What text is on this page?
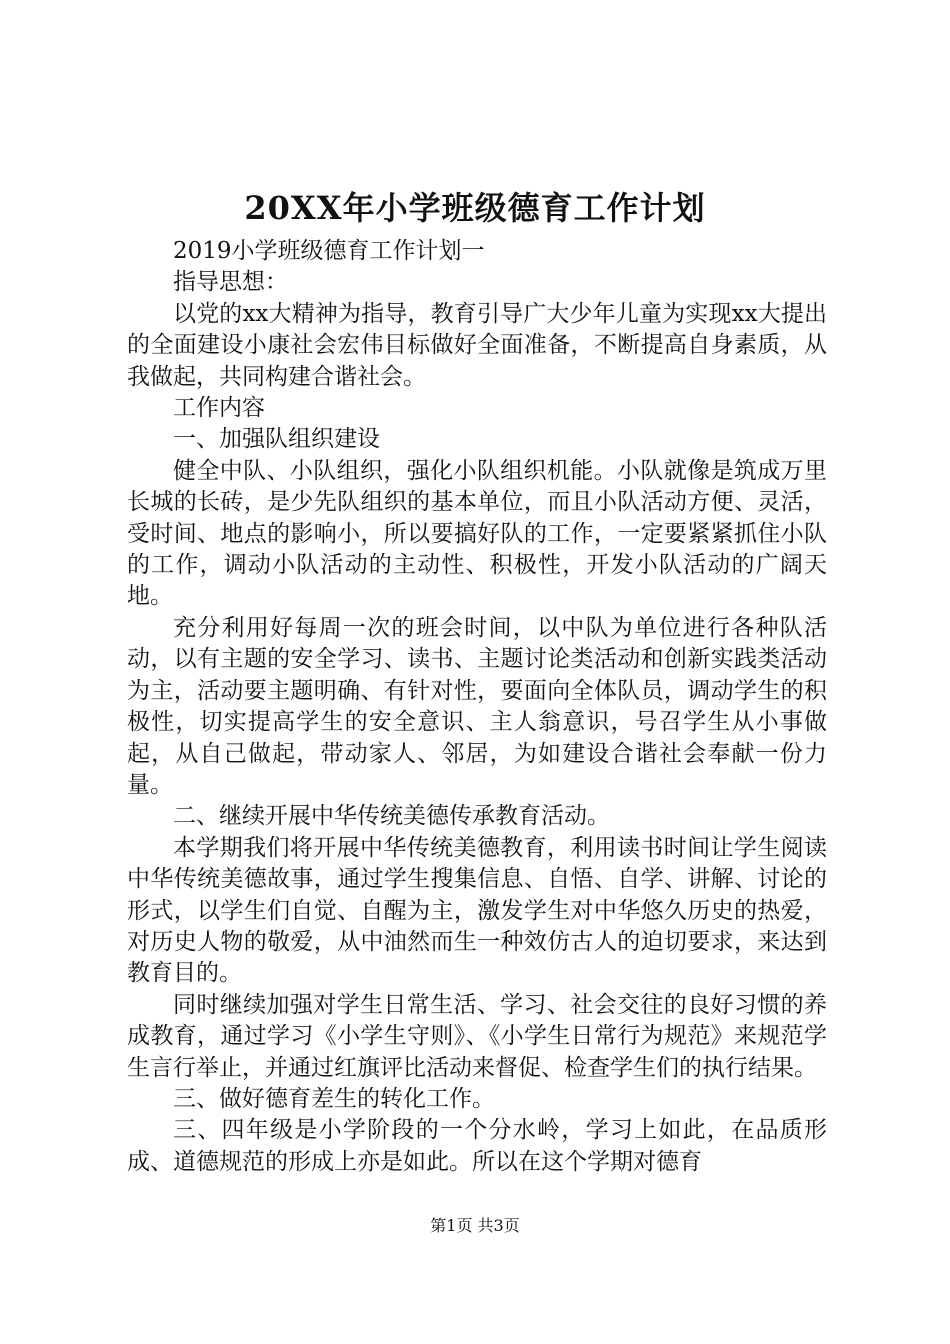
20XX年小学班级德育工作计划

2019小学班级德育工作计划一

指导思想：

以党的xx大精神为指导，教育引导广大少年儿童为实现xx大提出的全面建设小康社会宏伟目标做好全面准备，不断提高自身素质，从我做起，共同构建合谐社会。

工作内容

一、加强队组织建设

健全中队、小队组织，强化小队组织机能。小队就像是筑成万里长城的长砖，是少先队组织的基本单位，而且小队活动方便、灵活，受时间、地点的影响小，所以要搞好队的工作，一定要紧紧抓住小队的工作，调动小队活动的主动性、积极性，开发小队活动的广阔天地。

充分利用好每周一次的班会时间，以中队为单位进行各种队活动，以有主题的安全学习、读书、主题讨论类活动和创新实践类活动为主，活动要主题明确、有针对性，要面向全体队员，调动学生的积极性，切实提高学生的安全意识、主人翁意识，号召学生从小事做起，从自己做起，带动家人、邻居，为如建设合谐社会奉献一份力量。

二、继续开展中华传统美德传承教育活动。

本学期我们将开展中华传统美德教育，利用读书时间让学生阅读中华传统美德故事，通过学生搜集信息、自悟、自学、讲解、讨论的形式，以学生们自觉、自醒为主，激发学生对中华悠久历史的热爱，对历史人物的敬爱，从中油然而生一种效仿古人的迫切要求，来达到教育目的。

同时继续加强对学生日常生活、学习、社会交往的良好习惯的养成教育，通过学习《小学生守则》、《小学生日常行为规范》来规范学生言行举止，并通过红旗评比活动来督促、检查学生们的执行结果。

三、做好德育差生的转化工作。

三、四年级是小学阶段的一个分水岭，学习上如此，在品质形成、道德规范的形成上亦是如此。所以在这个学期对德育

第1页 共3页
